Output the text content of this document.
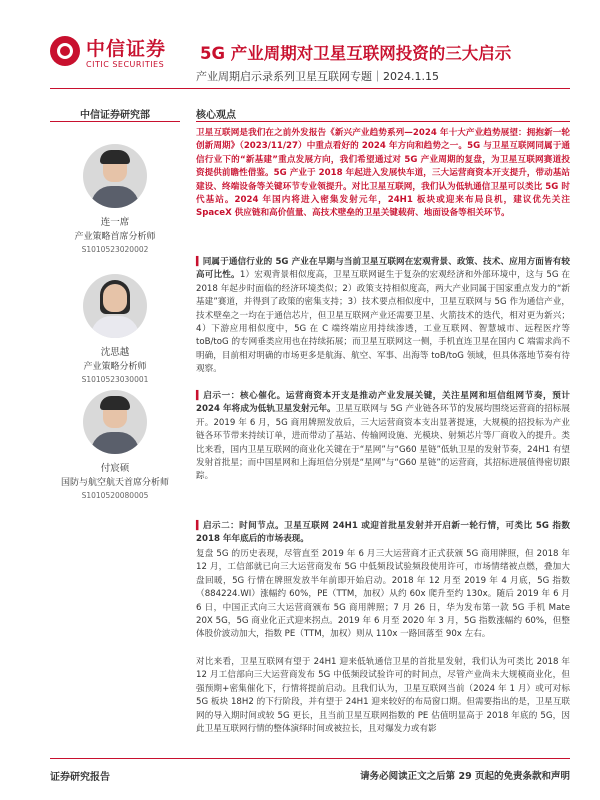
中信证券
CITIC SECURITIES
5G 产业周期对卫星互联网投资的三大启示
产业周期启示录系列卫星互联网专题｜2024.1.15
中信证券研究部	核心观点
连一席
产业策略首席分析师
S1010523020002
沈思越
产业策略分析师
S1010523030001
付宸硕
国防与航空航天首席分析师
S1010520080005
卫星互联网是我们在之前外发报告《新兴产业趋势系列—2024 年十大产业趋势展望：拥抱新一轮创新周期》（2023/11/27）中重点看好的 2024 年方向和趋势之一。5G 与卫星互联网同属于通信行业下的“新基建”重点发展方向，我们希望通过对 5G 产业周期的复盘，为卫星互联网赛道投资提供前瞻性借鉴。5G 产业于 2018 年起进入发展快车道，三大运营商资本开支提升，带动基站建设、终端设备等关键环节专业领提升。对比卫星互联网，我们认为低轨通信卫星可以类比 5G 时代基站。2024 年国内将进入密集发射元年，24H1 板块或迎来布局良机，建议优先关注 SpaceX 供应链和高价值量、高技术壁垒的卫星关键载荷、地面设备等相关环节。
▍同属于通信行业的 5G 产业在早期与当前卫星互联网在宏观背景、政策、技术、应用方面皆有较高可比性。1）宏观背景相似度高，卫星互联网诞生于复杂的宏观经济和外部环境中，这与 5G 在 2018 年起步时面临的经济环境类似；2）政策支持相似度高，两大产业同属于国家重点发力的“新基建”赛道，并得到了政策的密集支持；3）技术要点相似度中，卫星互联网与 5G 作为通信产业，技术壁垒之一均在于通信芯片，但卫星互联网产业还需要卫星、火箭技术的迭代，相对更为新兴；4）下游应用相似度中，5G 在 C 端终端应用持续渗透，工业互联网、智慧城市、远程医疗等 toB/toG 的专网垂类应用也在持续拓展；而卫星互联网这一侧，手机直连卫星在国内 C 端需求尚不明确，目前相对明确的市场更多是航海、航空、军事、出海等 toB/toG 领域，但具体落地节奏有待观察。
▍启示一：核心催化。运营商资本开支是推动产业发展关键，关注星网和垣信组网节奏，预计 2024 年将成为低轨卫星发射元年。卫星互联网与 5G 产业链各环节的发展均围绕运营商的招标展开。2019 年 6 月，5G 商用牌照发放后，三大运营商资本支出显著提速，大规模的招投标为产业链各环节带来持续订单，进而带动了基站、传输网设施、光模块、射频芯片等厂商收入的提升。类比来看，国内卫星互联网的商业化关键在于“星网”与“G60 星链”低轨卫星的发射节奏，24H1 有望发射首批星；而中国星网和上海垣信分别是“星网”与“G60 星链”的运营商，其招标进展值得密切跟踪。
▍启示二：时间节点。卫星互联网 24H1 或迎首批星发射并开启新一轮行情，可类比 5G 指数 2018 年年底后的市场表现。
复盘 5G 的历史表现，尽管直至 2019 年 6 月三大运营商才正式获颁 5G 商用牌照，但 2018 年 12 月，工信部就已向三大运营商发布 5G 中低频段试验频段使用许可，市场情绪被点燃，叠加大盘回暖，5G 行情在牌照发放半年前即开始启动。2018 年 12 月至 2019 年 4 月底，5G 指数（884224.WI）涨幅约 60%，PE（TTM，加权）从约 60x 爬升至约 130x。随后 2019 年 6 月 6 日，中国正式向三大运营商颁布 5G 商用牌照；7 月 26 日，华为发布第一款 5G 手机 Mate 20X 5G，5G 商业化正式迎来拐点。2019 年 6 月至 2020 年 3 月，5G 指数涨幅约 60%，但整体股价波动加大，指数 PE（TTM，加权）则从 110x 一路回落至 90x 左右。
对比来看，卫星互联网有望于 24H1 迎来低轨通信卫星的首批星发射，我们认为可类比 2018 年 12 月工信部向三大运营商发布 5G 中低频段试验许可的时间点，尽管产业尚未大规模商业化，但强预期+密集催化下，行情将提前启动。且我们认为，卫星互联网当前（2024 年 1 月）或可对标 5G 板块 18H2 的下行阶段，并有望于 24H1 迎来较好的布局窗口期。但需要指出的是，卫星互联网的导入期时间或较 5G 更长，且当前卫星互联网指数的 PE 估值明显高于 2018 年底的 5G，因此卫星互联网行情的整体演绎时间或被拉长，且对爆发力或有影
证券研究报告	请务必阅读正文之后第 29 页起的免责条款和声明
